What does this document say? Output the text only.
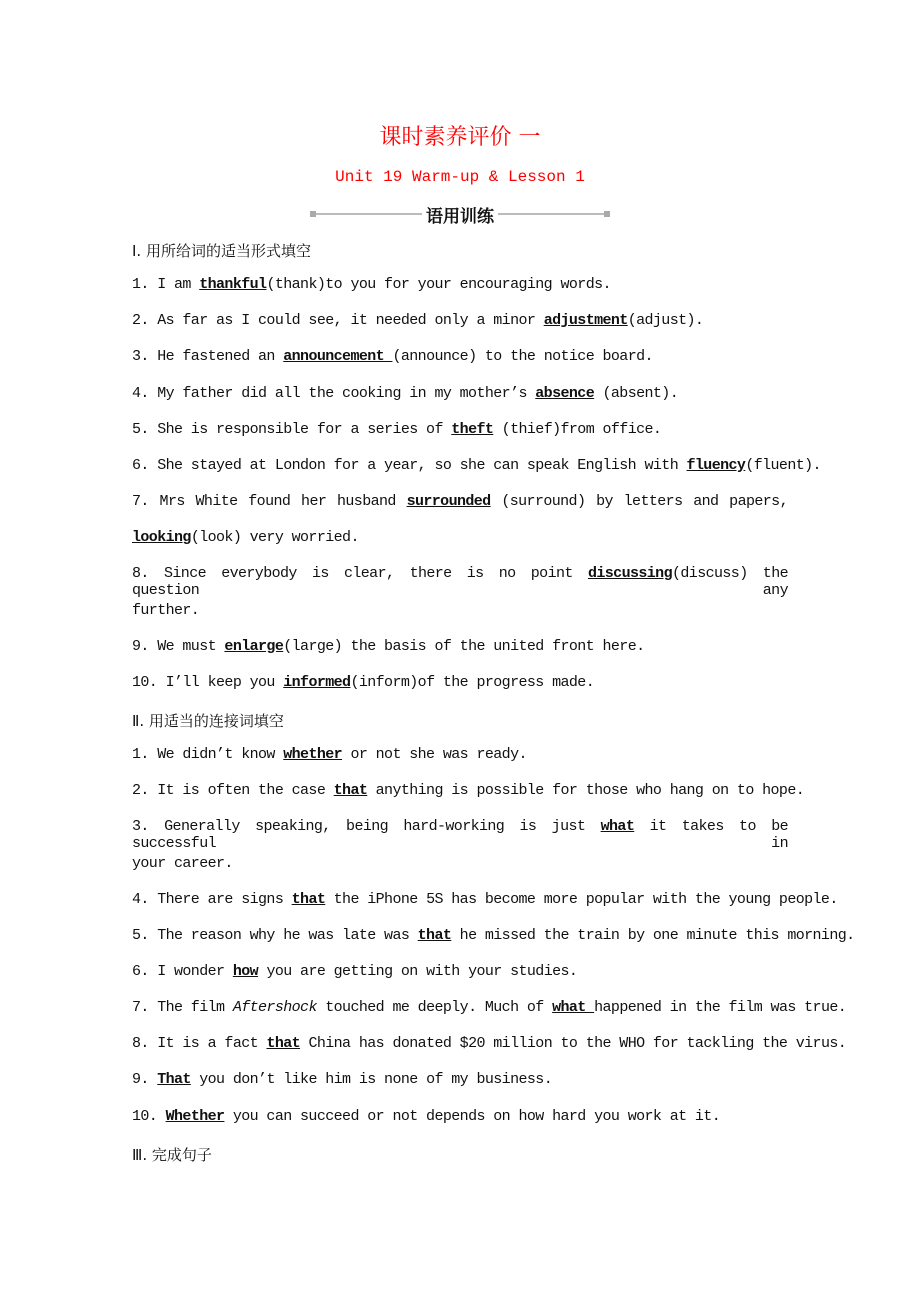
课时素养评价 一
Unit 19 Warm-up & Lesson 1
语用训练
Ⅰ. 用所给词的适当形式填空
1. I am thankful(thank)to you for your encouraging words.
2. As far as I could see, it needed only a minor adjustment(adjust).
3. He fastened an announcement (announce) to the notice board.
4. My father did all the cooking in my mother’s absence (absent).
5. She is responsible for a series of theft (thief)from office.
6. She stayed at London for a year, so she can speak English with fluency(fluent).
7. Mrs White found her husband surrounded (surround) by letters and papers,
looking(look) very worried.
8. Since everybody is clear, there is no point discussing(discuss) the question any
further.
9. We must enlarge(large) the basis of the united front here.
10. I’ll keep you informed(inform)of the progress made.
Ⅱ. 用适当的连接词填空
1. We didn’t know whether or not she was ready.
2. It is often the case that anything is possible for those who hang on to hope.
3. Generally speaking, being hard-working is just what it takes to be successful in
your career.
4. There are signs that the iPhone 5S has become more popular with the young people.
5. The reason why he was late was that he missed the train by one minute this morning.
6. I wonder how you are getting on with your studies.
7. The film Aftershock touched me deeply. Much of what happened in the film was true.
8. It is a fact that China has donated $20 million to the WHO for tackling the virus.
9. That you don’t like him is none of my business.
10. Whether you can succeed or not depends on how hard you work at it.
Ⅲ. 完成句子
